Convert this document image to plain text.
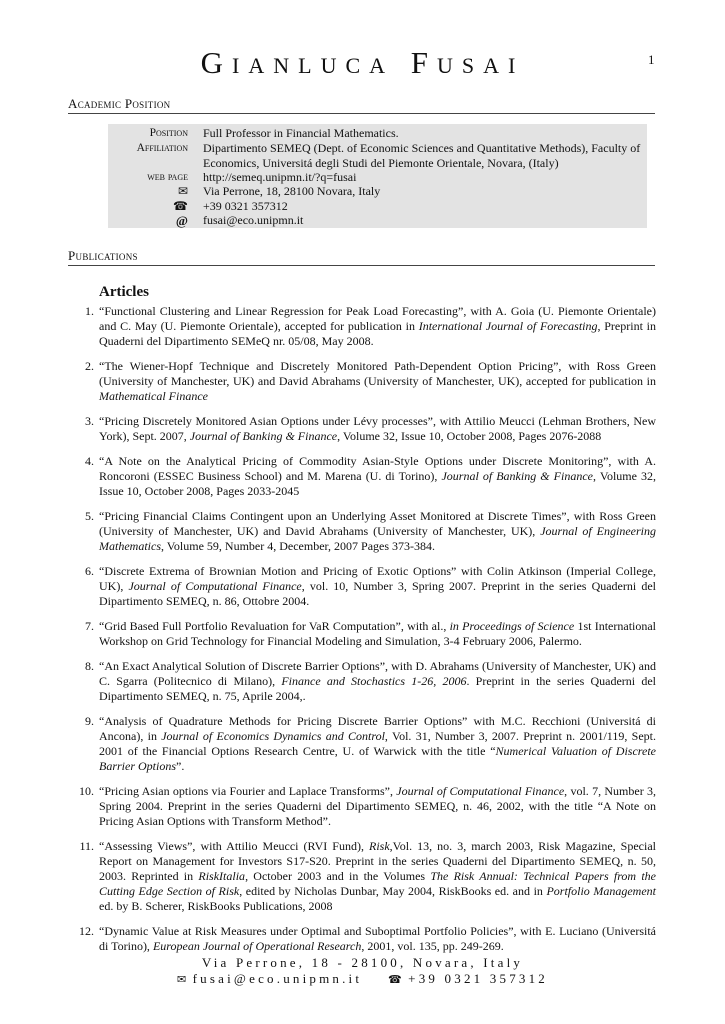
1
Gianluca Fusai
Academic Position
Position Full Professor in Financial Mathematics.
Affiliation Dipartimento SEMEQ (Dept. of Economic Sciences and Quantitative Methods), Faculty of Economics, Universitá degli Studi del Piemonte Orientale, Novara, (Italy)
web page http://semeq.unipmn.it/?q=fusai
✉ Via Perrone, 18, 28100 Novara, Italy
☎ +39 0321 357312
@ fusai@eco.unipmn.it
Publications
Articles
1. “Functional Clustering and Linear Regression for Peak Load Forecasting”, with A. Goia (U. Piemonte Orientale) and C. May (U. Piemonte Orientale), accepted for publication in International Journal of Forecasting, Preprint in Quaderni del Dipartimento SEMeQ nr. 05/08, May 2008.
2. “The Wiener-Hopf Technique and Discretely Monitored Path-Dependent Option Pricing”, with Ross Green (University of Manchester, UK) and David Abrahams (University of Manchester, UK), accepted for publication in Mathematical Finance
3. “Pricing Discretely Monitored Asian Options under Lévy processes”, with Attilio Meucci (Lehman Brothers, New York), Sept. 2007, Journal of Banking & Finance, Volume 32, Issue 10, October 2008, Pages 2076-2088
4. “A Note on the Analytical Pricing of Commodity Asian-Style Options under Discrete Monitoring”, with A. Roncoroni (ESSEC Business School) and M. Marena (U. di Torino), Journal of Banking & Finance, Volume 32, Issue 10, October 2008, Pages 2033-2045
5. “Pricing Financial Claims Contingent upon an Underlying Asset Monitored at Discrete Times”, with Ross Green (University of Manchester, UK) and David Abrahams (University of Manchester, UK), Journal of Engineering Mathematics, Volume 59, Number 4, December, 2007 Pages 373-384.
6. “Discrete Extrema of Brownian Motion and Pricing of Exotic Options” with Colin Atkinson (Imperial College, UK), Journal of Computational Finance, vol. 10, Number 3, Spring 2007. Preprint in the series Quaderni del Dipartimento SEMEQ, n. 86, Ottobre 2004.
7. “Grid Based Full Portfolio Revaluation for VaR Computation”, with al., in Proceedings of Science 1st International Workshop on Grid Technology for Financial Modeling and Simulation, 3-4 February 2006, Palermo.
8. “An Exact Analytical Solution of Discrete Barrier Options”, with D. Abrahams (University of Manchester, UK) and C. Sgarra (Politecnico di Milano), Finance and Stochastics 1-26, 2006. Preprint in the series Quaderni del Dipartimento SEMEQ, n. 75, Aprile 2004,.
9. “Analysis of Quadrature Methods for Pricing Discrete Barrier Options” with M.C. Recchioni (Universitá di Ancona), in Journal of Economics Dynamics and Control, Vol. 31, Number 3, 2007. Preprint n. 2001/119, Sept. 2001 of the Financial Options Research Centre, U. of Warwick with the title “Numerical Valuation of Discrete Barrier Options”.
10. “Pricing Asian options via Fourier and Laplace Transforms”, Journal of Computational Finance, vol. 7, Number 3, Spring 2004. Preprint in the series Quaderni del Dipartimento SEMEQ, n. 46, 2002, with the title “A Note on Pricing Asian Options with Transform Method”.
11. “Assessing Views”, with Attilio Meucci (RVI Fund), Risk,Vol. 13, no. 3, march 2003, Risk Magazine, Special Report on Management for Investors S17-S20. Preprint in the series Quaderni del Dipartimento SEMEQ, n. 50, 2003. Reprinted in RiskItalia, October 2003 and in the Volumes The Risk Annual: Technical Papers from the Cutting Edge Section of Risk, edited by Nicholas Dunbar, May 2004, RiskBooks ed. and in Portfolio Management ed. by B. Scherer, RiskBooks Publications, 2008
12. “Dynamic Value at Risk Measures under Optimal and Suboptimal Portfolio Policies”, with E. Luciano (Universitá di Torino), European Journal of Operational Research, 2001, vol. 135, pp. 249-269.
Via Perrone, 18 - 28100, Novara, Italy
✉ fusai@eco.unipmn.it ☎ +39 0321 357312
